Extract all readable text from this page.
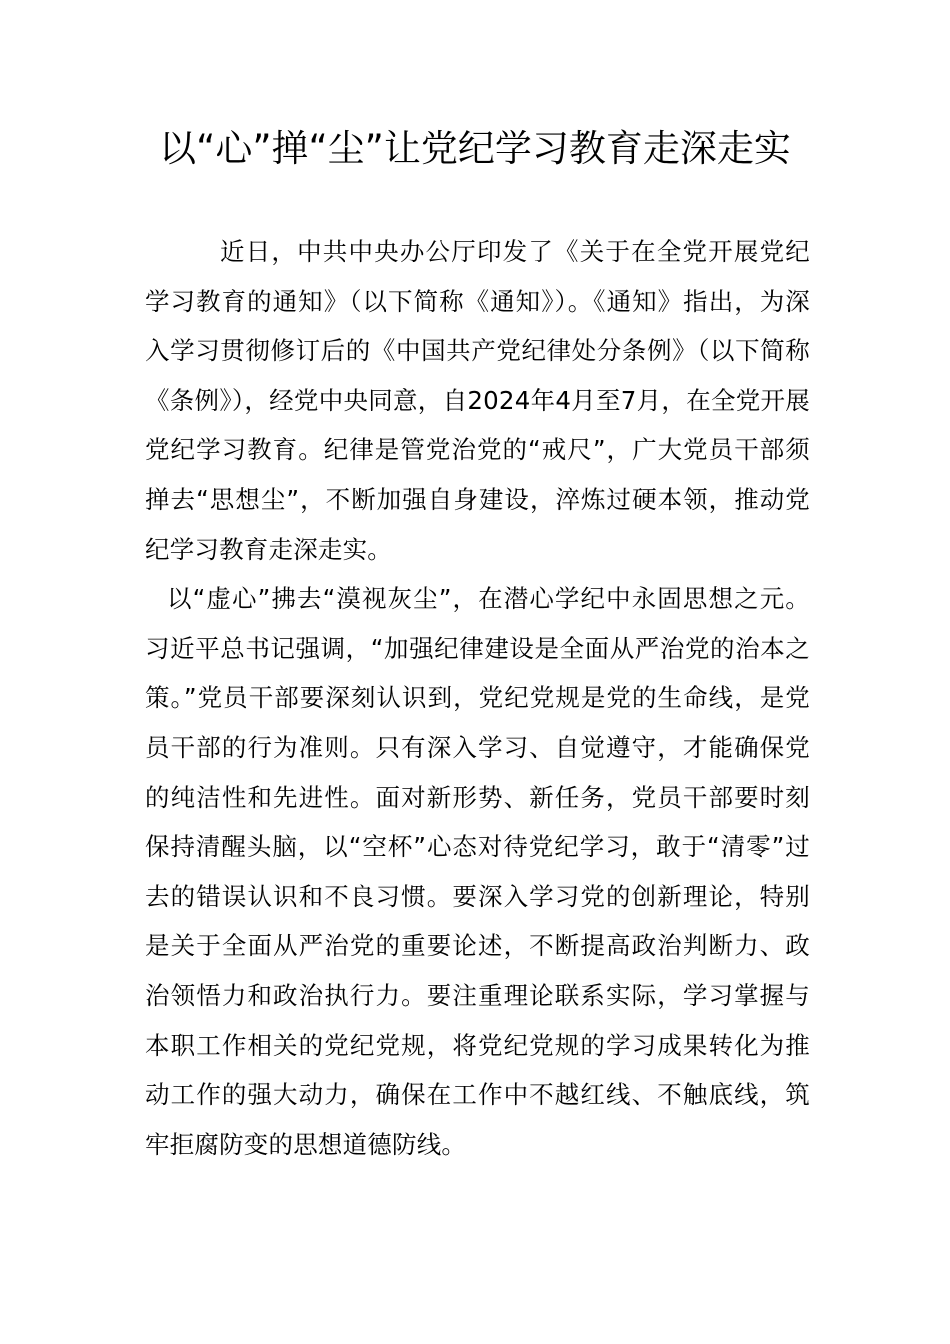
以“心”掸“尘”让党纪学习教育走深走实

近日，中共中央办公厅印发了《关于在全党开展党纪学习教育的通知》（以下简称《通知》）。《通知》指出，为深入学习贯彻修订后的《中国共产党纪律处分条例》（以下简称《条例》），经党中央同意，自2024年4月至7月，在全党开展党纪学习教育。纪律是管党治党的“戒尺”，广大党员干部须掸去“思想尘”，不断加强自身建设，淬炼过硬本领，推动党纪学习教育走深走实。

以“虚心”拂去“漠视灰尘”，在潜心学纪中永固思想之元。习近平总书记强调，“加强纪律建设是全面从严治党的治本之策。”党员干部要深刻认识到，党纪党规是党的生命线，是党员干部的行为准则。只有深入学习、自觉遵守，才能确保党的纯洁性和先进性。面对新形势、新任务，党员干部要时刻保持清醒头脑，以“空杯”心态对待党纪学习，敢于“清零”过去的错误认识和不良习惯。要深入学习党的创新理论，特别是关于全面从严治党的重要论述，不断提高政治判断力、政治领悟力和政治执行力。要注重理论联系实际，学习掌握与本职工作相关的党纪党规，将党纪党规的学习成果转化为推动工作的强大动力，确保在工作中不越红线、不触底线，筑牢拒腐防变的思想道德防线。
